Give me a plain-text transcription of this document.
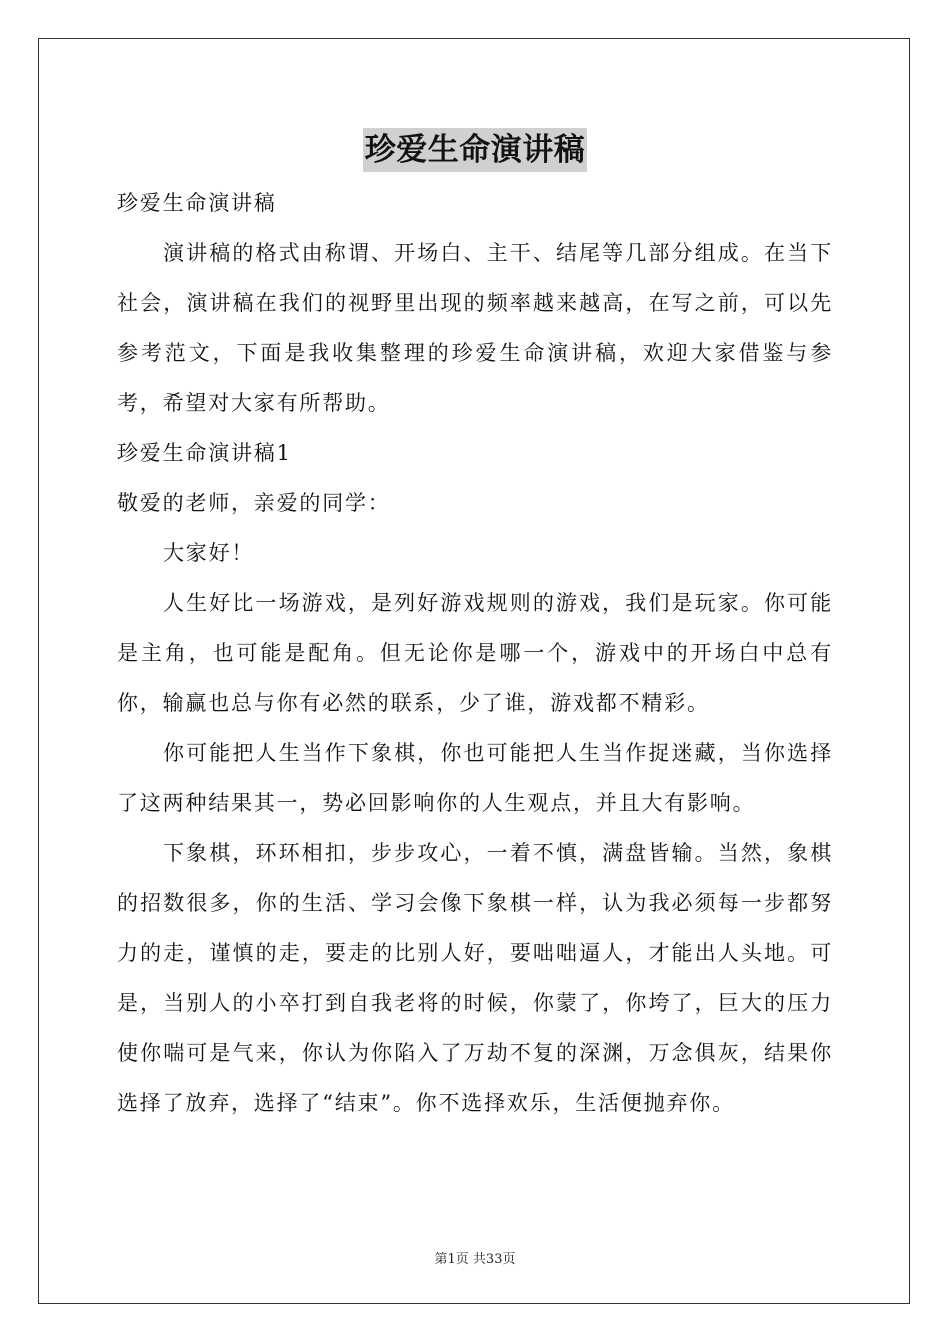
珍爱生命演讲稿

珍爱生命演讲稿

演讲稿的格式由称谓、开场白、主干、结尾等几部分组成。在当下社会，演讲稿在我们的视野里出现的频率越来越高，在写之前，可以先参考范文，下面是我收集整理的珍爱生命演讲稿，欢迎大家借鉴与参考，希望对大家有所帮助。

珍爱生命演讲稿1

敬爱的老师，亲爱的同学：

大家好！

人生好比一场游戏，是列好游戏规则的游戏，我们是玩家。你可能是主角，也可能是配角。但无论你是哪一个，游戏中的开场白中总有你，输赢也总与你有必然的联系，少了谁，游戏都不精彩。

你可能把人生当作下象棋，你也可能把人生当作捉迷藏，当你选择了这两种结果其一，势必回影响你的人生观点，并且大有影响。

下象棋，环环相扣，步步攻心，一着不慎，满盘皆输。当然，象棋的招数很多，你的生活、学习会像下象棋一样，认为我必须每一步都努力的走，谨慎的走，要走的比别人好，要咄咄逼人，才能出人头地。可是，当别人的小卒打到自我老将的时候，你蒙了，你垮了，巨大的压力使你喘可是气来，你认为你陷入了万劫不复的深渊，万念俱灰，结果你选择了放弃，选择了“结束”。你不选择欢乐，生活便抛弃你。

第1页 共33页
